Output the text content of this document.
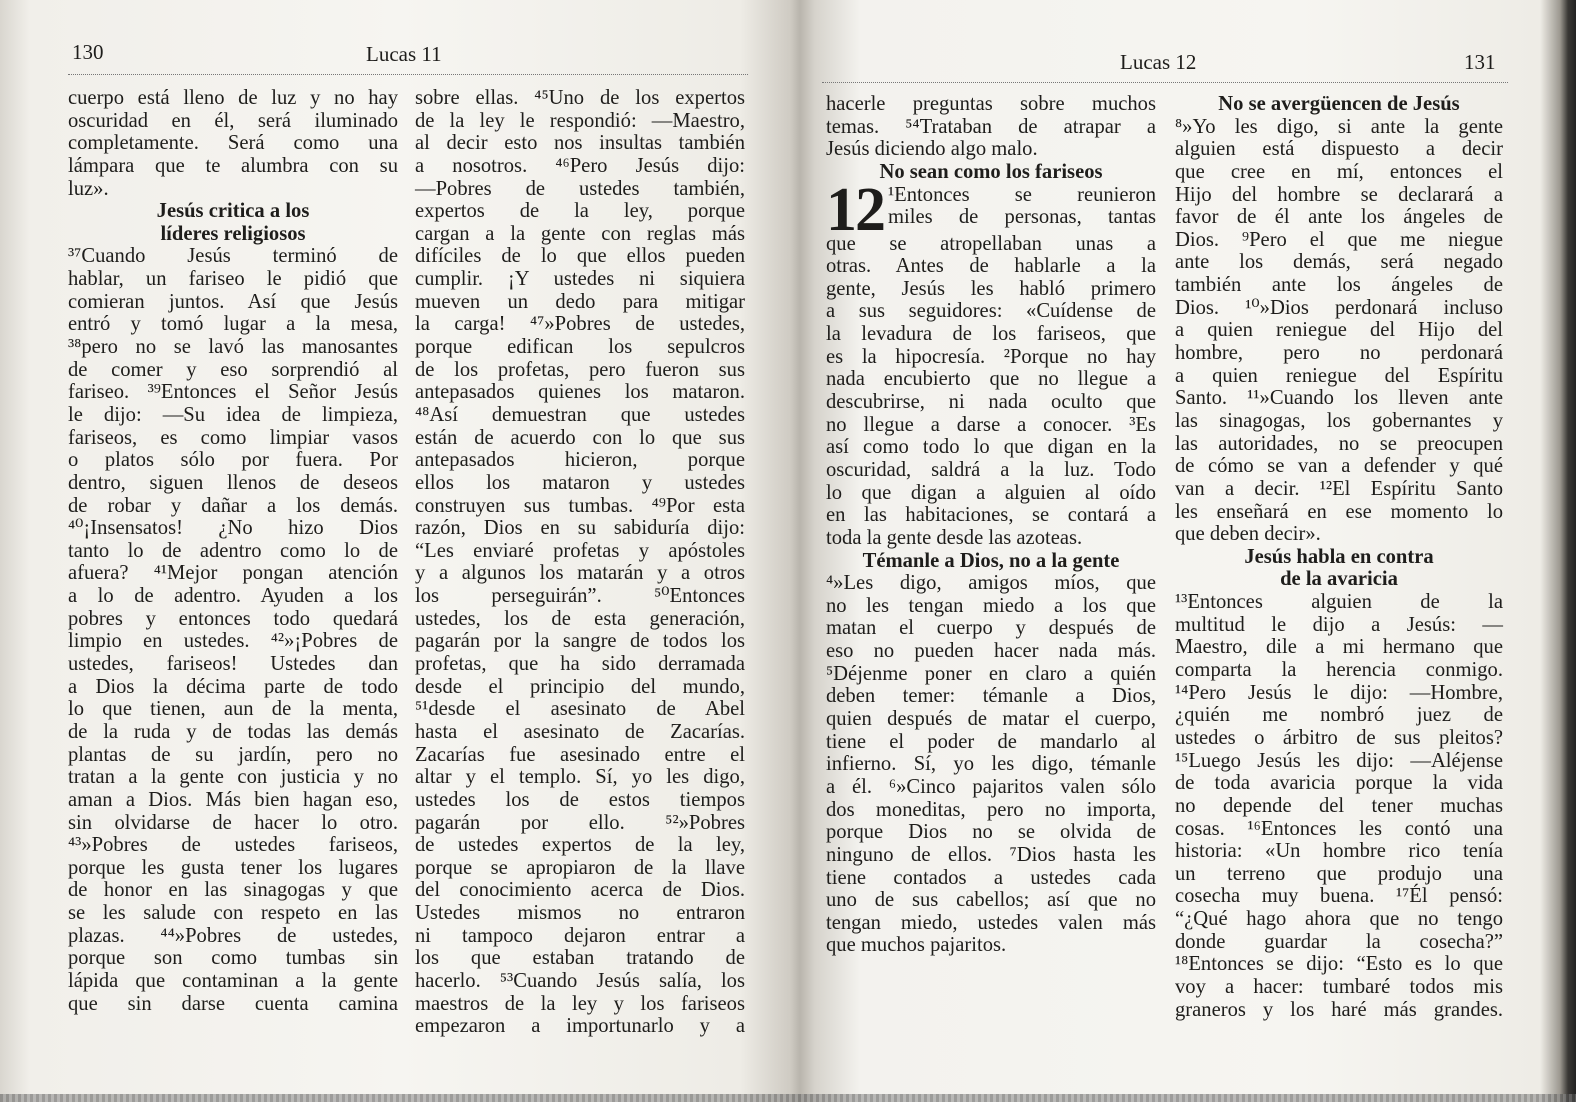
130	Lucas 11
cuerpo está lleno de luz y no hay
oscuridad en él, será iluminado
completamente. Será como una
lámpara que te alumbra con su
luz».
Jesús critica a los
líderes religiosos
³⁷Cuando Jesús terminó de
hablar, un fariseo le pidió que
comieran juntos. Así que Jesús
entró y tomó lugar a la mesa,
³⁸pero no se lavó las manosantes
de comer y eso sorprendió al
fariseo. ³⁹Entonces el Señor Jesús
le dijo: —Su idea de limpieza,
fariseos, es como limpiar vasos
o platos sólo por fuera. Por
dentro, siguen llenos de deseos
de robar y dañar a los demás.
⁴⁰¡Insensatos! ¿No hizo Dios
tanto lo de adentro como lo de
afuera? ⁴¹Mejor pongan atención
a lo de adentro. Ayuden a los
pobres y entonces todo quedará
limpio en ustedes. ⁴²»¡Pobres de
ustedes, fariseos! Ustedes dan
a Dios la décima parte de todo
lo que tienen, aun de la menta,
de la ruda y de todas las demás
plantas de su jardín, pero no
tratan a la gente con justicia y no
aman a Dios. Más bien hagan eso,
sin olvidarse de hacer lo otro.
⁴³»Pobres de ustedes fariseos,
porque les gusta tener los lugares
de honor en las sinagogas y que
se les salude con respeto en las
plazas. ⁴⁴»Pobres de ustedes,
porque son como tumbas sin
lápida que contaminan a la gente
que sin darse cuenta camina
sobre ellas. ⁴⁵Uno de los expertos
de la ley le respondió: —Maestro,
al decir esto nos insultas también
a nosotros. ⁴⁶Pero Jesús dijo:
—Pobres de ustedes también,
expertos de la ley, porque
cargan a la gente con reglas más
difíciles de lo que ellos pueden
cumplir. ¡Y ustedes ni siquiera
mueven un dedo para mitigar
la carga! ⁴⁷»Pobres de ustedes,
porque edifican los sepulcros
de los profetas, pero fueron sus
antepasados quienes los mataron.
⁴⁸Así demuestran que ustedes
están de acuerdo con lo que sus
antepasados hicieron, porque
ellos los mataron y ustedes
construyen sus tumbas. ⁴⁹Por esta
razón, Dios en su sabiduría dijo:
“Les enviaré profetas y apóstoles
y a algunos los matarán y a otros
los perseguirán”. ⁵⁰Entonces
ustedes, los de esta generación,
pagarán por la sangre de todos los
profetas, que ha sido derramada
desde el principio del mundo,
⁵¹desde el asesinato de Abel
hasta el asesinato de Zacarías.
Zacarías fue asesinado entre el
altar y el templo. Sí, yo les digo,
ustedes los de estos tiempos
pagarán por ello. ⁵²»Pobres
de ustedes expertos de la ley,
porque se apropiaron de la llave
del conocimiento acerca de Dios.
Ustedes mismos no entraron
ni tampoco dejaron entrar a
los que estaban tratando de
hacerlo. ⁵³Cuando Jesús salía, los
maestros de la ley y los fariseos
empezaron a importunarlo y a
Lucas 12	131
hacerle preguntas sobre muchos
temas. ⁵⁴Trataban de atrapar a
Jesús diciendo algo malo.
No sean como los fariseos
12 ¹Entonces se reunieron
miles de personas, tantas
que se atropellaban unas a
otras. Antes de hablarle a la
gente, Jesús les habló primero
a sus seguidores: «Cuídense de
la levadura de los fariseos, que
es la hipocresía. ²Porque no hay
nada encubierto que no llegue a
descubrirse, ni nada oculto que
no llegue a darse a conocer. ³Es
así como todo lo que digan en la
oscuridad, saldrá a la luz. Todo
lo que digan a alguien al oído
en las habitaciones, se contará a
toda la gente desde las azoteas.
Témanle a Dios, no a la gente
⁴»Les digo, amigos míos, que
no les tengan miedo a los que
matan el cuerpo y después de
eso no pueden hacer nada más.
⁵Déjenme poner en claro a quién
deben temer: témanle a Dios,
quien después de matar el cuerpo,
tiene el poder de mandarlo al
infierno. Sí, yo les digo, témanle
a él. ⁶»Cinco pajaritos valen sólo
dos moneditas, pero no importa,
porque Dios no se olvida de
ninguno de ellos. ⁷Dios hasta les
tiene contados a ustedes cada
uno de sus cabellos; así que no
tengan miedo, ustedes valen más
que muchos pajaritos.
No se avergüencen de Jesús
⁸»Yo les digo, si ante la gente
alguien está dispuesto a decir
que cree en mí, entonces el
Hijo del hombre se declarará a
favor de él ante los ángeles de
Dios. ⁹Pero el que me niegue
ante los demás, será negado
también ante los ángeles de
Dios. ¹⁰»Dios perdonará incluso
a quien reniegue del Hijo del
hombre, pero no perdonará
a quien reniegue del Espíritu
Santo. ¹¹»Cuando los lleven ante
las sinagogas, los gobernantes y
las autoridades, no se preocupen
de cómo se van a defender y qué
van a decir. ¹²El Espíritu Santo
les enseñará en ese momento lo
que deben decir».
Jesús habla en contra
de la avaricia
¹³Entonces alguien de la
multitud le dijo a Jesús: —
Maestro, dile a mi hermano que
comparta la herencia conmigo.
¹⁴Pero Jesús le dijo: —Hombre,
¿quién me nombró juez de
ustedes o árbitro de sus pleitos?
¹⁵Luego Jesús les dijo: —Aléjense
de toda avaricia porque la vida
no depende del tener muchas
cosas. ¹⁶Entonces les contó una
historia: «Un hombre rico tenía
un terreno que produjo una
cosecha muy buena. ¹⁷Él pensó:
“¿Qué hago ahora que no tengo
donde guardar la cosecha?”
¹⁸Entonces se dijo: “Esto es lo que
voy a hacer: tumbaré todos mis
graneros y los haré más grandes.
